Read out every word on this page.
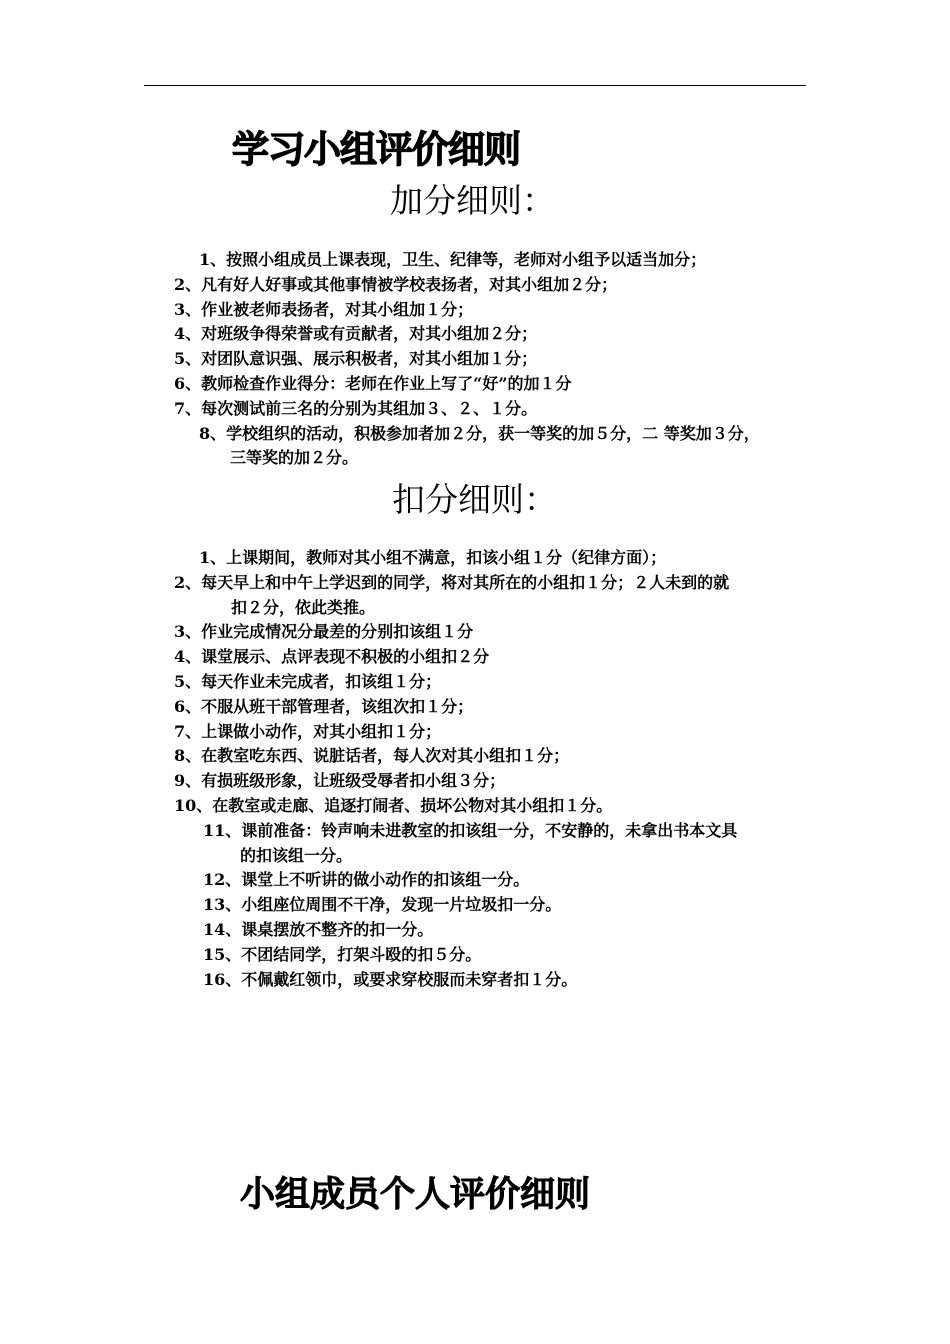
学习小组评价细则
加分细则：
1、按照小组成员上课表现，卫生、纪律等，老师对小组予以适当加分；
2、凡有好人好事或其他事情被学校表扬者，对其小组加２分；
3、作业被老师表扬者，对其小组加１分；
4、对班级争得荣誉或有贡献者，对其小组加２分；
5、对团队意识强、展示积极者，对其小组加１分；
6、教师检查作业得分：老师在作业上写了“好”的加１分
7、每次测试前三名的分别为其组加３、２、１分。
8、学校组织的活动，积极参加者加２分，获一等奖的加５分，二 等奖加３分，
三等奖的加２分。
扣分细则：
1、上课期间，教师对其小组不满意，扣该小组１分（纪律方面）；
2、每天早上和中午上学迟到的同学，将对其所在的小组扣１分；２人未到的就
扣２分，依此类推。
3、作业完成情况分最差的分别扣该组１分
4、课堂展示、点评表现不积极的小组扣２分
5、每天作业未完成者，扣该组１分；
6、不服从班干部管理者，该组次扣１分；
7、上课做小动作，对其小组扣１分；
8、在教室吃东西、说脏话者，每人次对其小组扣１分；
9、有损班级形象，让班级受辱者扣小组３分；
10、在教室或走廊、追逐打闹者、损坏公物对其小组扣１分。
11、课前准备：铃声响未进教室的扣该组一分，不安静的，未拿出书本文具
的扣该组一分。
12、课堂上不听讲的做小动作的扣该组一分。
13、小组座位周围不干净，发现一片垃圾扣一分。
14、课桌摆放不整齐的扣一分。
15、不团结同学，打架斗殴的扣５分。
16、不佩戴红领巾，或要求穿校服而未穿者扣１分。
小组成员个人评价细则
